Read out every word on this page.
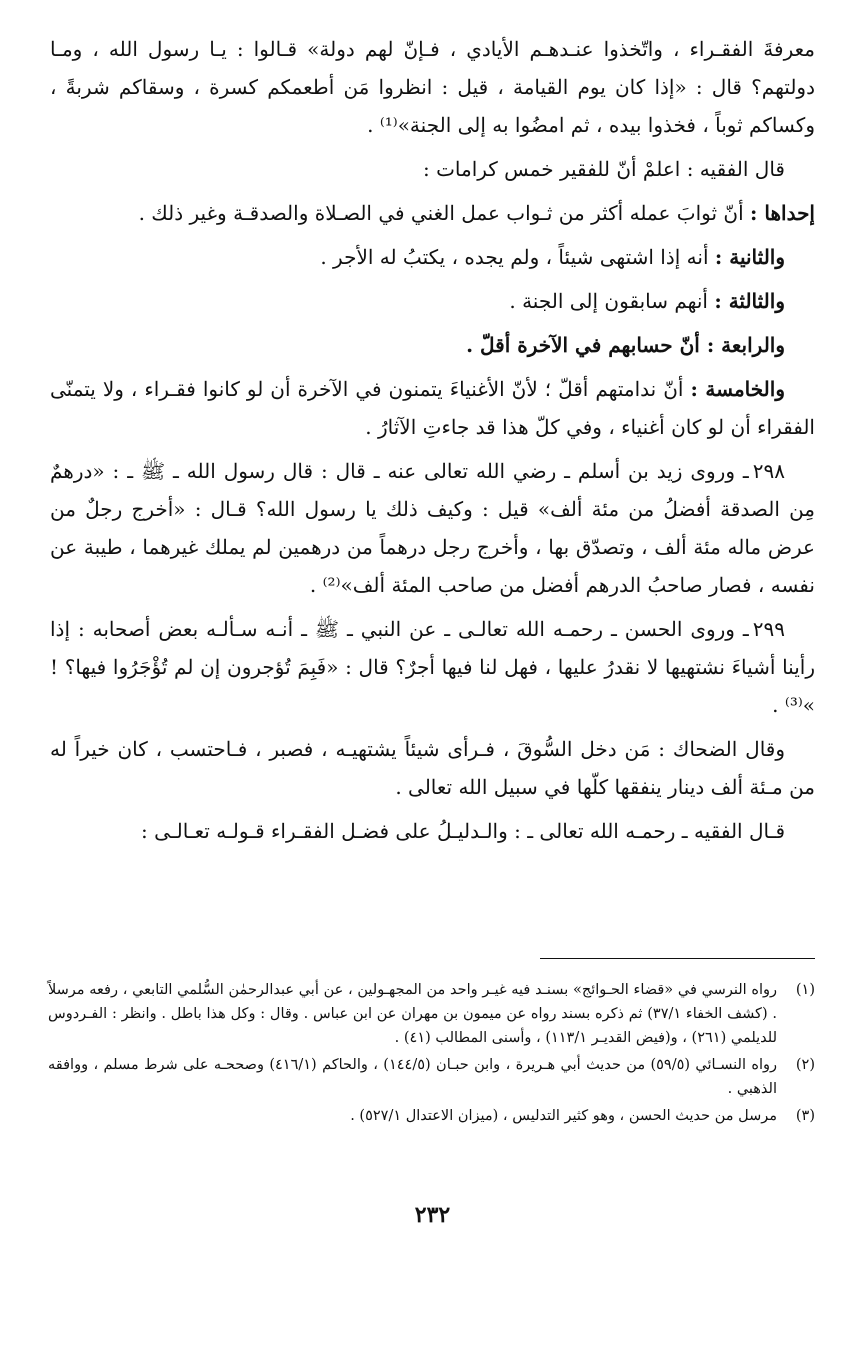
معرفةَ الفقـراء ، واتّخذوا عنـدهـم الأيادي ، فـإنّ لهم دولة» قـالوا : يـا رسول الله ، ومـا دولتهم؟ قال : «إذا كان يوم القيامة ، قيل : انظروا مَن أطعمكم كسرة ، وسقاكم شربةً ، وكساكم ثوباً ، فخذوا بيده ، ثم امضُوا به إلى الجنة»⁽¹⁾ .

قال الفقيه : اعلمْ أنّ للفقير خمس كرامات :

إحداها : أنّ ثوابَ عمله أكثر من ثـواب عمل الغني في الصـلاة والصدقـة وغير ذلك .

والثانية : أنه إذا اشتهى شيئاً ، ولم يجده ، يكتبُ له الأجر .

والثالثة : أنهم سابقون إلى الجنة .

والرابعة : أنّ حسابهم في الآخرة أقلّ .

والخامسة : أنّ ندامتهم أقلّ ؛ لأنّ الأغنياءَ يتمنون في الآخرة أن لو كانوا فقـراء ، ولا يتمنّى الفقراء أن لو كان أغنياء ، وفي كلّ هذا قد جاءتِ الآثارُ .

٢٩٨ـ وروى زيد بن أسلم ـ رضي الله تعالى عنه ـ قال : قال رسول الله ـ ﷺ ـ : «درهمٌ مِن الصدقة أفضلُ من مئة ألف» قيل : وكيف ذلك يا رسول الله؟ قـال : «أخرج رجلٌ من عرض ماله مئة ألف ، وتصدّق بها ، وأخرج رجل درهماً من درهمين لم يملك غيرهما ، طيبة عن نفسه ، فصار صاحبُ الدرهم أفضل من صاحب المئة ألف»⁽²⁾ .

٢٩٩ـ وروى الحسن ـ رحمـه الله تعالـى ـ عن النبي ـ ﷺ ـ أنـه سـألـه بعض أصحابه : إذا رأينا أشياءَ نشتهيها لا نقدرُ عليها ، فهل لنا فيها أجرٌ؟ قال : «فَبِمَ تُؤجرون إن لم تُؤْجَرُوا فيها؟ ! »⁽³⁾ .

وقال الضحاك : مَن دخل السُّوقَ ، فـرأى شيئاً يشتهيـه ، فصبر ، فـاحتسب ، كان خيراً له من مـئة ألف دينار ينفقها كلّها في سبيل الله تعالى .

قـال الفقيه ـ رحمـه الله تعالى ـ : والـدليـلُ على فضـل الفقـراء قـولـه تعـالـى :

(١)
رواه النرسي في «قضاء الحـوائج» بسنـد فيه غيـر واحد من المجهـولين ، عن أبي عبدالرحمٰن السُّلمي التابعي ، رفعه مرسلاً . (كشف الخفاء ٣٧/١) ثم ذكره بسند رواه عن ميمون بن مهران عن ابن عباس . وقال : وكل هذا باطل . وانظر : الفـردوس للديلمي (٢٦١) ، و(فيض القديـر ١١٣/١) ، وأسنى المطالب (٤١) .
(٢)
رواه النسـائي (٥٩/٥) من حديث أبي هـريرة ، وابن حبـان (١٤٤/٥) ، والحاكم (٤١٦/١) وصححـه على شرط مسلم ، ووافقه الذهبي .
(٣)
مرسل من حديث الحسن ، وهو كثير التدليس ، (ميزان الاعتدال ٥٢٧/١) .
٢٣٢
